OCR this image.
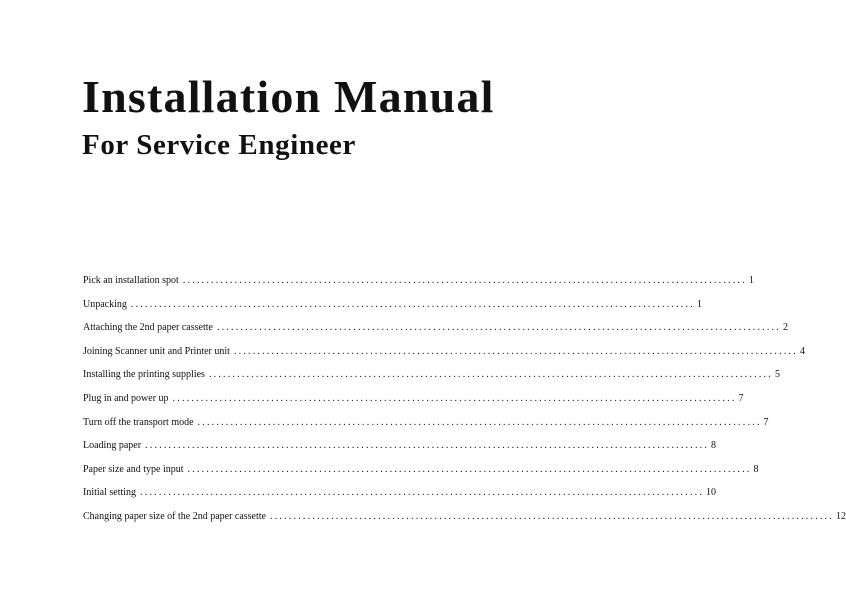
Installation Manual
For Service Engineer
Pick an installation spot ........................................................................................................................ 1
Unpacking ........................................................................................................................ 1
Attaching the 2nd paper cassette ........................................................................................................................ 2
Joining Scanner unit and Printer unit ........................................................................................................................ 4
Installing the printing supplies ........................................................................................................................ 5
Plug in and power up ........................................................................................................................ 7
Turn off the transport mode ........................................................................................................................ 7
Loading paper ........................................................................................................................ 8
Paper size and type input ........................................................................................................................ 8
Initial setting ........................................................................................................................ 10
Changing paper size of the 2nd paper cassette ........................................................................................................................ 12
